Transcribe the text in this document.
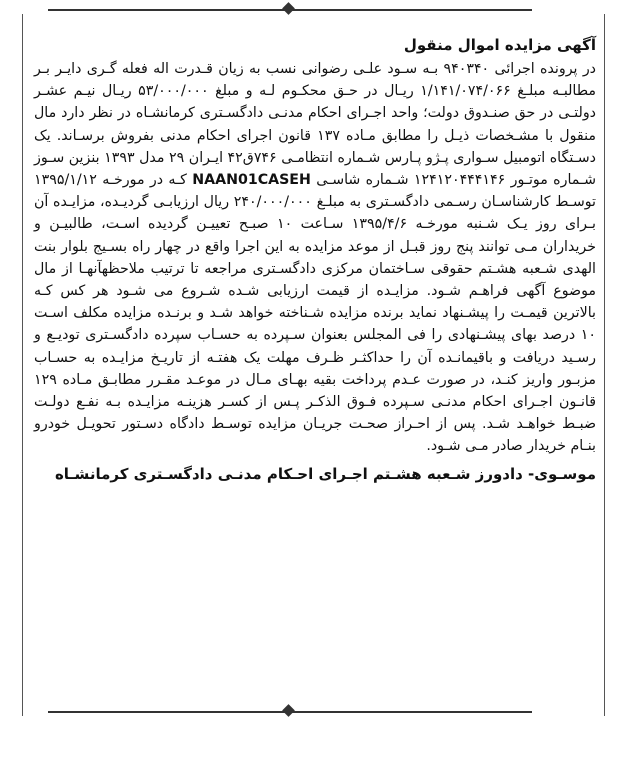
آگهی مزایده اموال منقول

در پرونده اجرائی ۹۴۰۳۴۰ بـه سـود علـی رضوانی نسب به زیان قـدرت اله فعله گـری دایـر بـر مطالبـه مبلـغ ۱/۱۴۱/۰۷۴/۰۶۶ ریـال در حـق محکـوم لـه و مبلغ ۵۳/۰۰۰/۰۰۰ ریـال نیـم عشـر دولتـی در حق صنـدوق دولت؛ واحد اجـرای احکام مدنـی دادگسـتری کرمانشـاه در نظر دارد مال منقول با مشـخصات ذیـل را مطابق مـاده ۱۳۷ قانون اجرای احکام مدنی بفروش برسـاند. یک دسـتگاه اتومبیل سـواری پـژو پـارس شـماره انتظامـی ۷۴۶ق۴۲ ایـران ۲۹ مدل ۱۳۹۳ بنزین سـوز شـماره موتـور ۱۲۴۱۲۰۴۴۴۱۴۶ شـماره شاسـی NAAN01CASEH کـه در مورخـه ۱۳۹۵/۱/۱۲ توسـط کارشناسـان رسـمی دادگسـتری به مبلـغ ۲۴۰/۰۰۰/۰۰۰ ریال ارزیابـی گردیـده، مزایـده آن بـرای روز یـک شـنبه مورخـه ۱۳۹۵/۴/۶ سـاعت ۱۰ صبـح تعییـن گردیده اسـت، طالبیـن و خریداران مـی توانند پنج روز قبـل از موعد مزایده به این اجرا واقع در چهار راه بسـیج بلوار بنت الهدی شـعبه هشـتم حقوقی سـاختمان مرکزی دادگسـتری مراجعه تا ترتیب ملاحظهآنهـا از مال موضوع آگهی فراهـم شـود. مزایـده از قیمت ارزیابی شـده شـروع می شـود هر کس کـه بالاترین قیمـت را پیشـنهاد نماید برنده مزایده شـناخته خواهد شـد و برنـده مزایده مکلف اسـت ۱۰ درصد بهای پیشـنهادی را فی المجلس بعنوان سـپرده به حسـاب سپرده دادگسـتری تودیـع و رسـید دریافت و باقیمانـده آن را حداکثـر ظـرف مهلت یک هفتـه از تاریـخ مزایـده به حسـاب مزبـور واریز کنـد، در صورت عـدم پرداخت بقیه بهـای مـال در موعـد مقـرر مطابـق مـاده ۱۲۹ قانـون اجـرای احکام مدنـی سـپرده فـوق الذکـر پـس از کسـر هزینـه مزایـده بـه نفـع دولـت ضبـط خواهـد شـد. پس از احـراز صحـت جریـان مزایده توسـط دادگاه دسـتور تحویـل خودرو بنـام خریدار صادر مـی شـود.

موسـوی- دادورز شـعبه هشـتم اجـرای احـکام مدنـی دادگسـتری کرمانشـاه
